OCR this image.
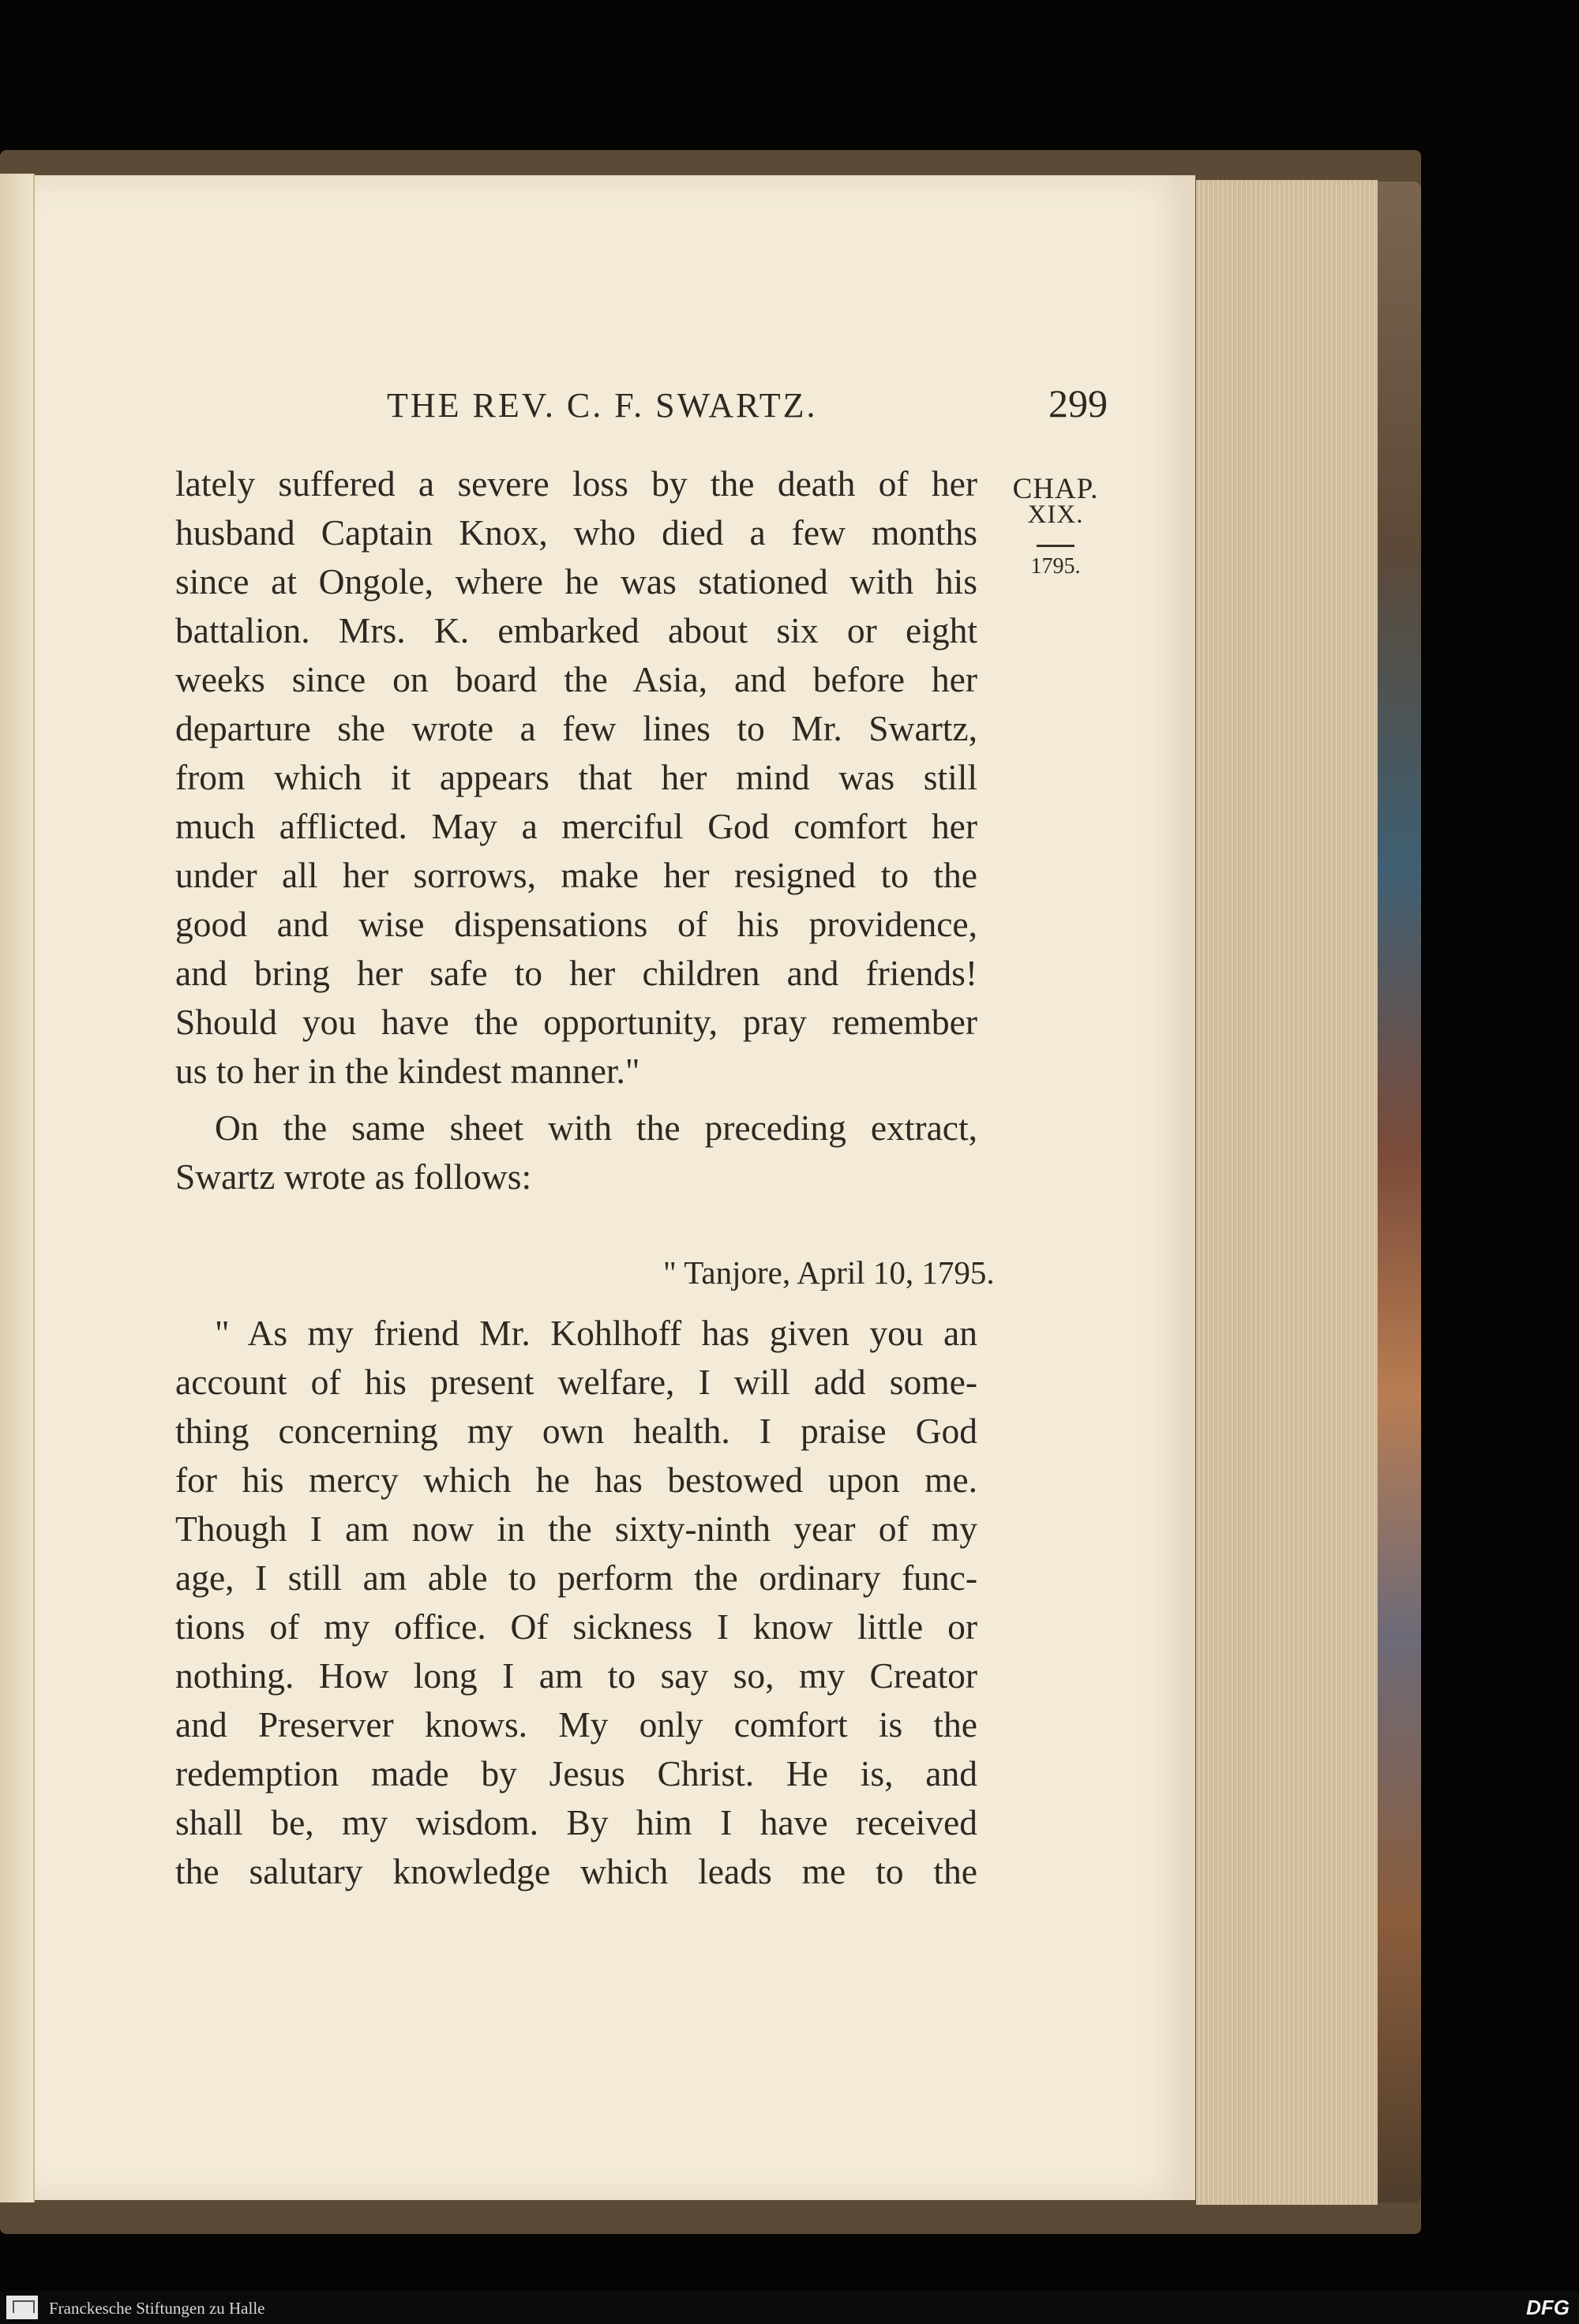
THE REV. C. F. SWARTZ.	299
CHAP.
XIX.
1795.
lately suffered a severe loss by the death of her
husband Captain Knox, who died a few months
since at Ongole, where he was stationed with his
battalion. Mrs. K. embarked about six or eight
weeks since on board the Asia, and before her
departure she wrote a few lines to Mr. Swartz,
from which it appears that her mind was still
much afflicted. May a merciful God comfort her
under all her sorrows, make her resigned to the
good and wise dispensations of his providence,
and bring her safe to her children and friends!
Should you have the opportunity, pray remember
us to her in the kindest manner."
On the same sheet with the preceding extract,
Swartz wrote as follows:
" Tanjore, April 10, 1795.
" As my friend Mr. Kohlhoff has given you an
account of his present welfare, I will add some-
thing concerning my own health. I praise God
for his mercy which he has bestowed upon me.
Though I am now in the sixty-ninth year of my
age, I still am able to perform the ordinary func-
tions of my office. Of sickness I know little or
nothing. How long I am to say so, my Creator
and Preserver knows. My only comfort is the
redemption made by Jesus Christ. He is, and
shall be, my wisdom. By him I have received
the salutary knowledge which leads me to the
Franckesche Stiftungen zu Halle	DFG
